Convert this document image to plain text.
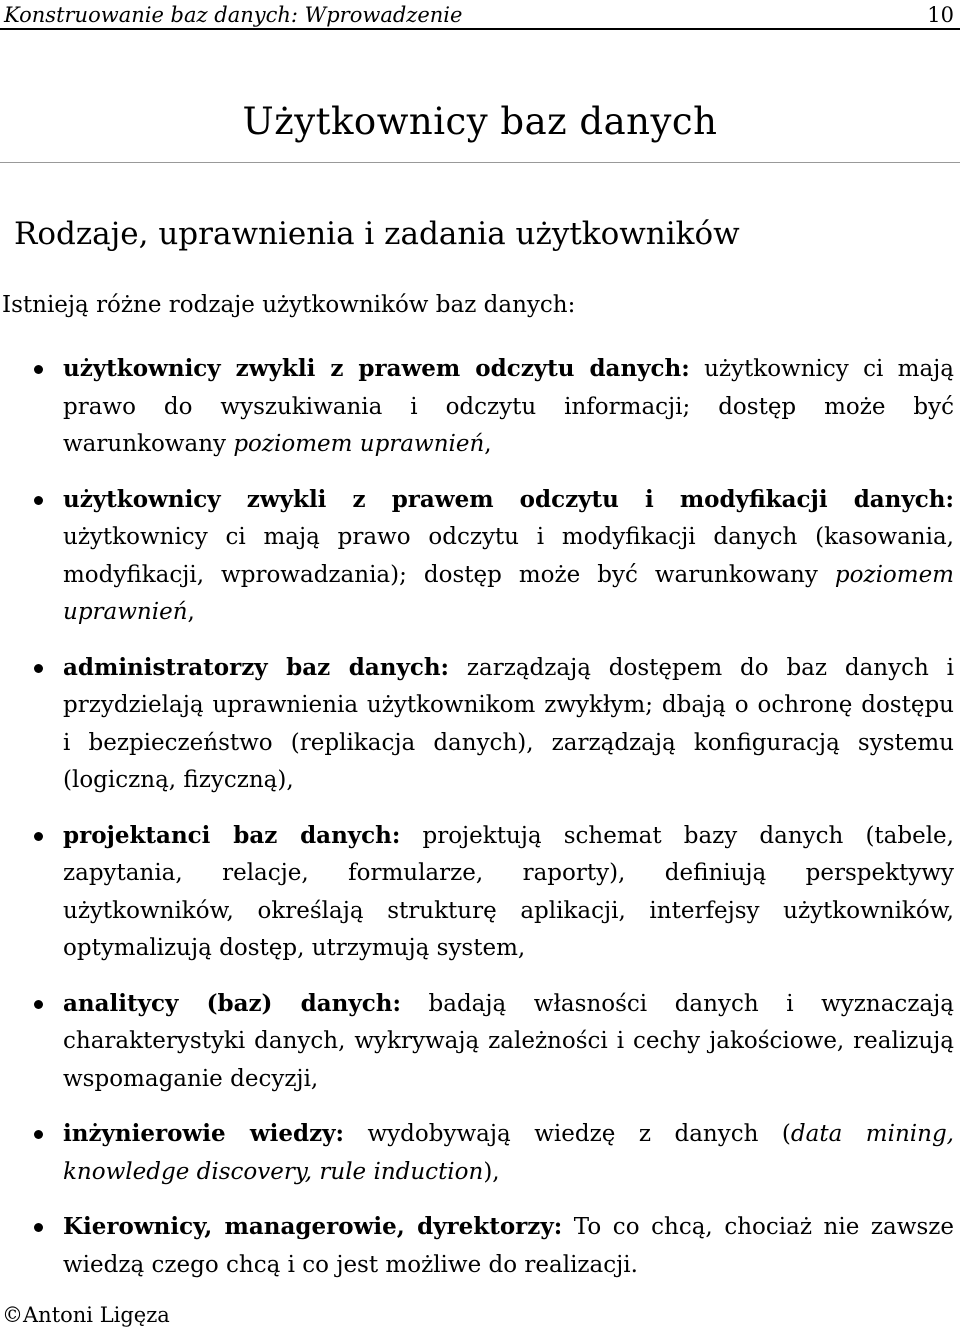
Konstruowanie baz danych: Wprowadzenie	10
Użytkownicy baz danych
Rodzaje, uprawnienia i zadania użytkowników
Istnieją różne rodzaje użytkowników baz danych:
użytkownicy zwykli z prawem odczytu danych: użytkownicy ci mają prawo do wyszukiwania i odczytu informacji; dostęp może być warunkowany poziomem uprawnień,
użytkownicy zwykli z prawem odczytu i modyfikacji danych: użytkownicy ci mają prawo odczytu i modyfikacji danych (kasowania, modyfikacji, wprowadzania); dostęp może być warunkowany poziomem uprawnień,
administratorzy baz danych: zarządzają dostępem do baz danych i przydzielają uprawnienia użytkownikom zwykłym; dbają o ochronę dostępu i bezpieczeństwo (replikacja danych), zarządzają konfiguracją systemu (logiczną, fizyczną),
projektanci baz danych: projektują schemat bazy danych (tabele, zapytania, relacje, formularze, raporty), definiują perspektywy użytkowników, określają strukturę aplikacji, interfejsy użytkowników, optymalizują dostęp, utrzymują system,
analitycy (baz) danych: badają własności danych i wyznaczają charakterystyki danych, wykrywają zależności i cechy jakościowe, realizują wspomaganie decyzji,
inżynierowie wiedzy: wydobywają wiedzę z danych (data mining, knowledge discovery, rule induction),
Kierownicy, managerowie, dyrektorzy: To co chcą, chociaż nie zawsze wiedzą czego chcą i co jest możliwe do realizacji.
©Antoni Ligęza
